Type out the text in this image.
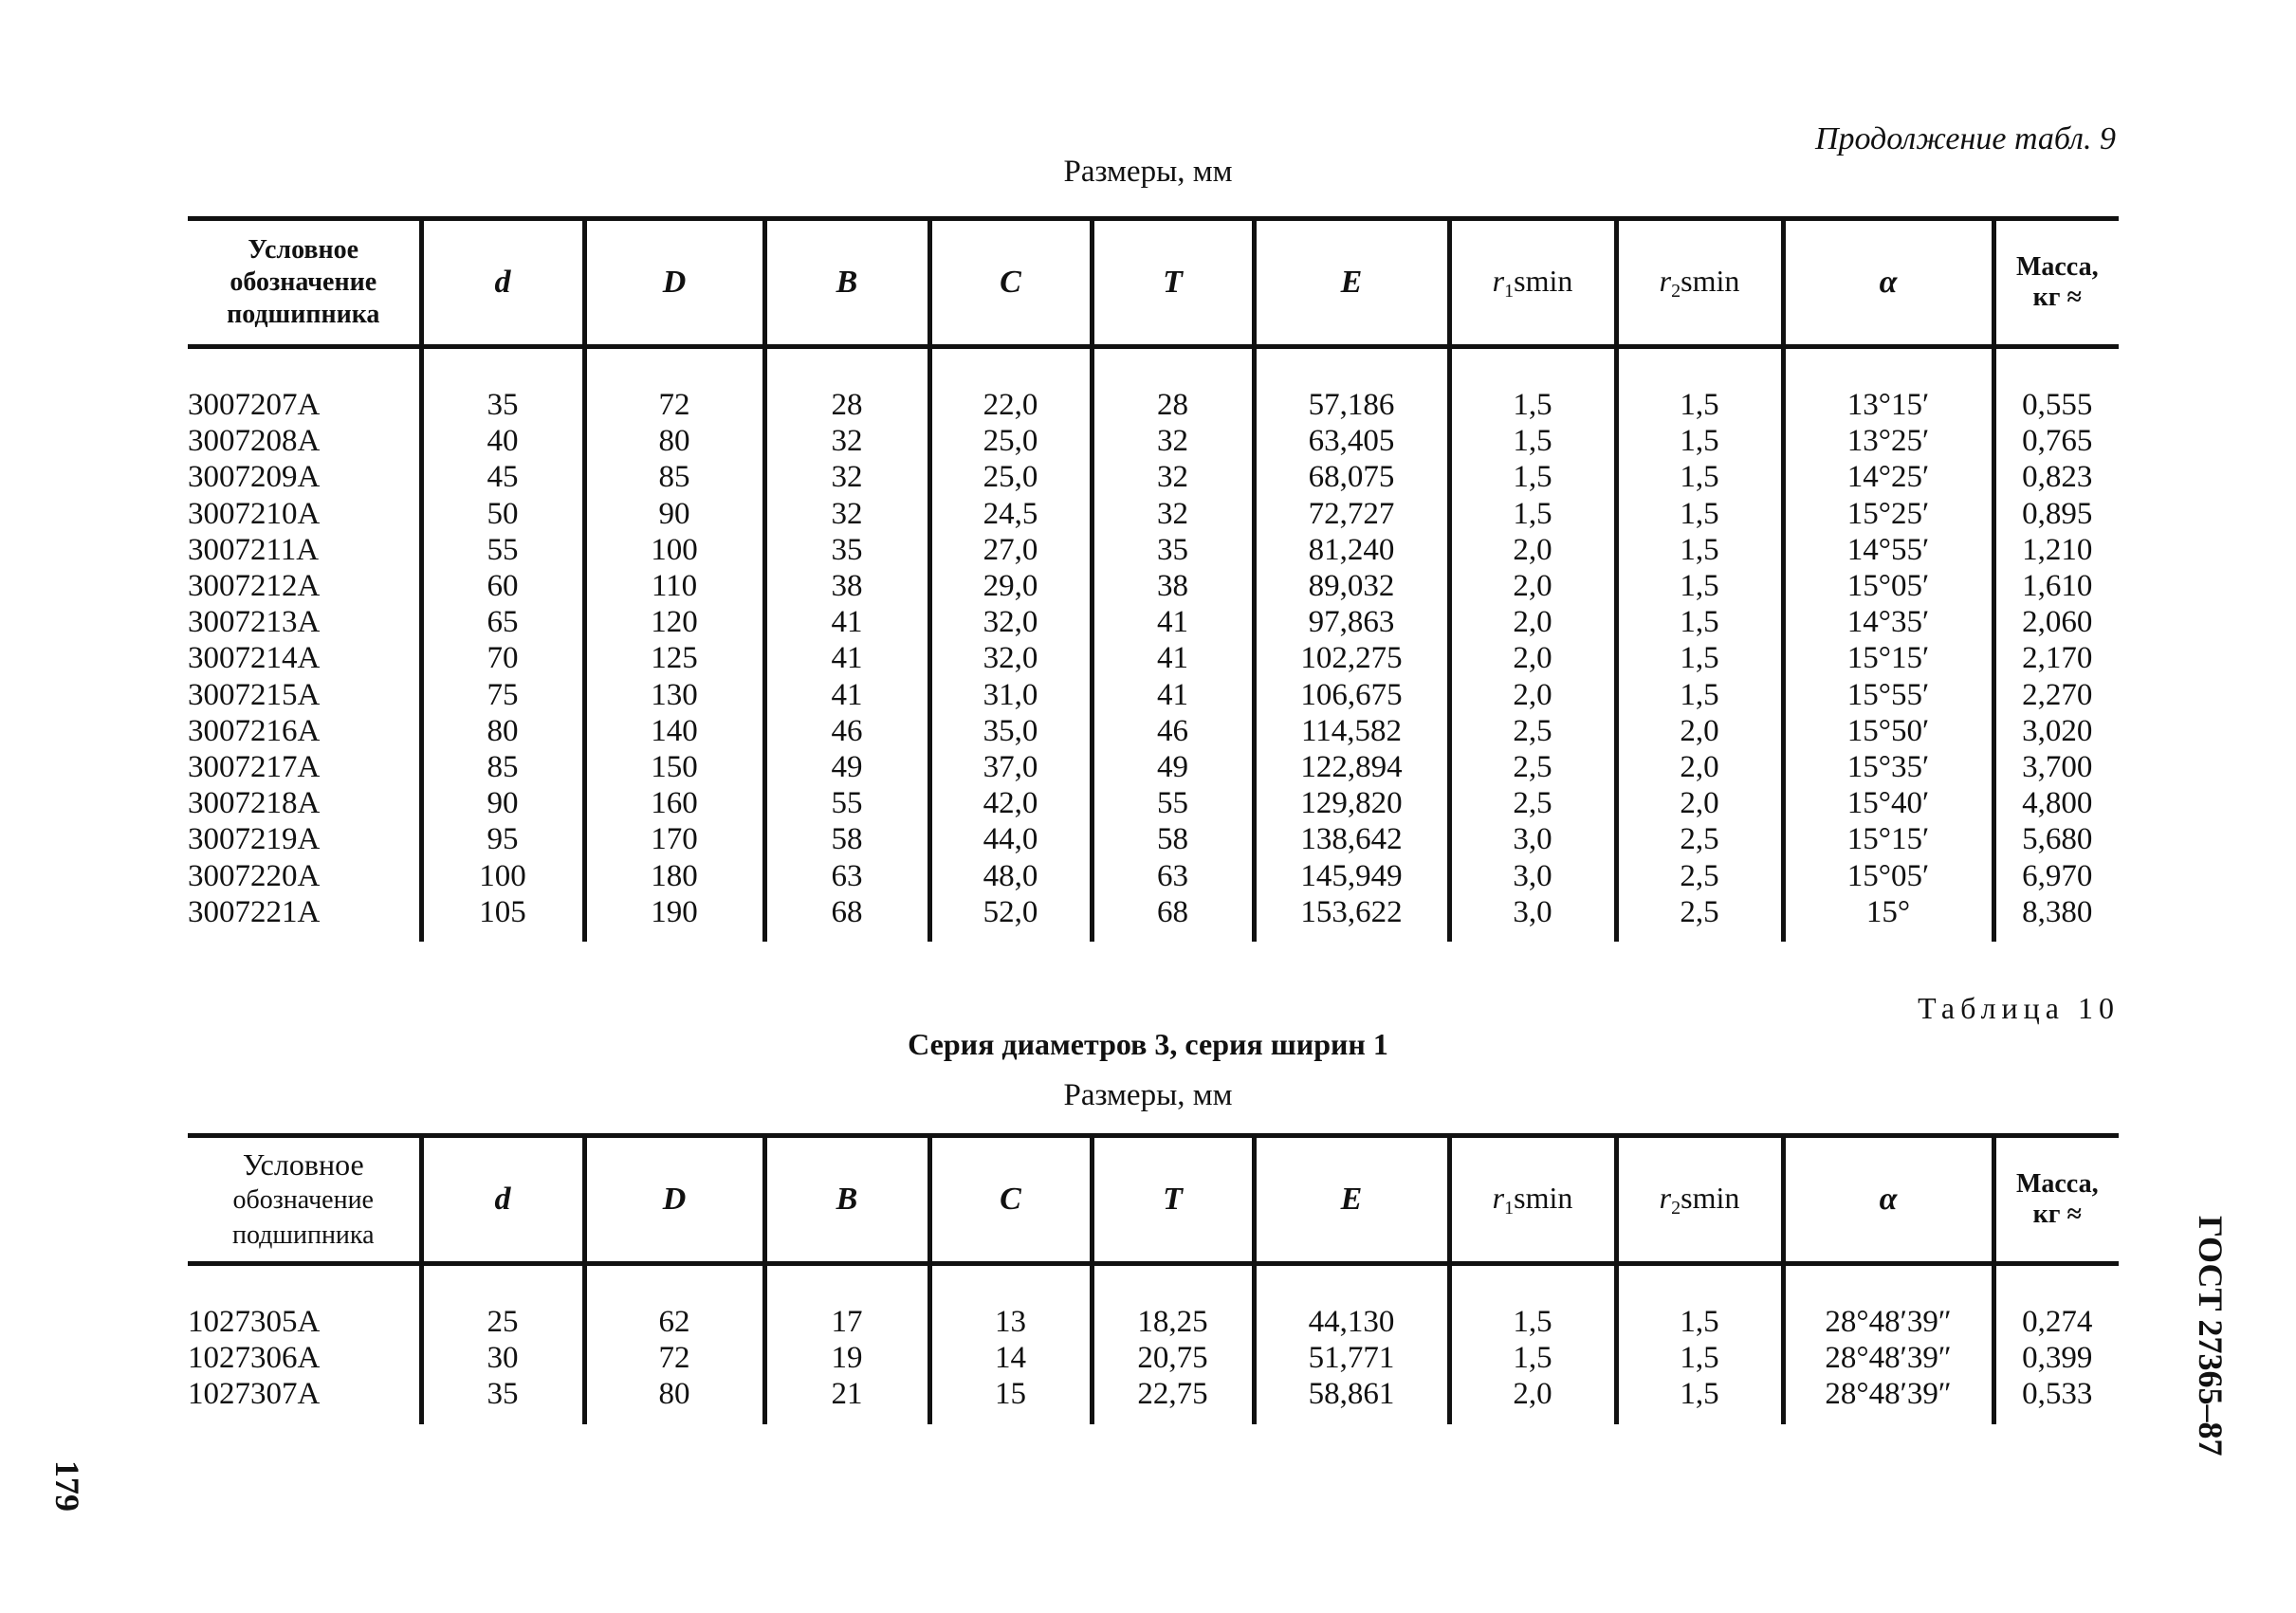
Продолжение табл. 9
Размеры, мм
Условное
обозначение
подшипника	d	D	B	C	T	E	$r_1smin$	$r_2smin$	α	Масса,
кг ≈

3007207А	35	72	28	22,0	28	57,186	1,5	1,5	13°15′	0,555
3007208А	40	80	32	25,0	32	63,405	1,5	1,5	13°25′	0,765
3007209А	45	85	32	25,0	32	68,075	1,5	1,5	14°25′	0,823
3007210А	50	90	32	24,5	32	72,727	1,5	1,5	15°25′	0,895
3007211А	55	100	35	27,0	35	81,240	2,0	1,5	14°55′	1,210
3007212А	60	110	38	29,0	38	89,032	2,0	1,5	15°05′	1,610
3007213А	65	120	41	32,0	41	97,863	2,0	1,5	14°35′	2,060
3007214А	70	125	41	32,0	41	102,275	2,0	1,5	15°15′	2,170
3007215А	75	130	41	31,0	41	106,675	2,0	1,5	15°55′	2,270
3007216А	80	140	46	35,0	46	114,582	2,5	2,0	15°50′	3,020
3007217А	85	150	49	37,0	49	122,894	2,5	2,0	15°35′	3,700
3007218А	90	160	55	42,0	55	129,820	2,5	2,0	15°40′	4,800
3007219А	95	170	58	44,0	58	138,642	3,0	2,5	15°15′	5,680
3007220А	100	180	63	48,0	63	145,949	3,0	2,5	15°05′	6,970
3007221А	105	190	68	52,0	68	153,622	3,0	2,5	15°	8,380
Таблица 10
Серия диаметров 3, серия ширин 1
Размеры, мм
Условное
обозначение
подшипника	d	D	B	C	T	E	$r_1smin$	$r_2smin$	α	Масса,
кг ≈

1027305А	25	62	17	13	18,25	44,130	1,5	1,5	28°48′39″	0,274
1027306А	30	72	19	14	20,75	51,771	1,5	1,5	28°48′39″	0,399
1027307А	35	80	21	15	22,75	58,861	2,0	1,5	28°48′39″	0,533
179
ГОСТ 27365–87
